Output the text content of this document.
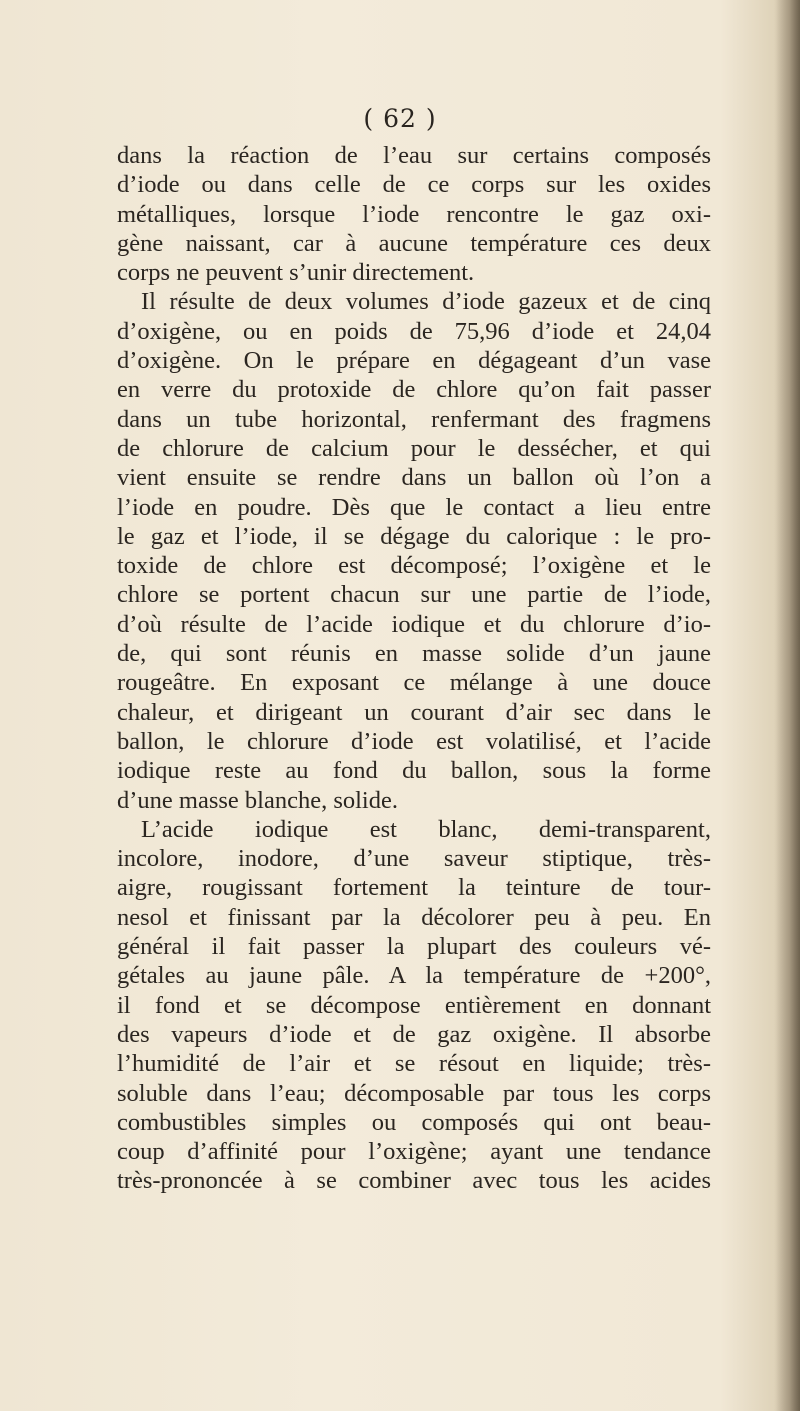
( 62 )
dans la réaction de l’eau sur certains composés
d’iode ou dans celle de ce corps sur les oxides
métalliques, lorsque l’iode rencontre le gaz oxi-
gène naissant, car à aucune température ces deux
corps ne peuvent s’unir directement.
Il résulte de deux volumes d’iode gazeux et de cinq
d’oxigène, ou en poids de 75,96 d’iode et 24,04
d’oxigène. On le prépare en dégageant d’un vase
en verre du protoxide de chlore qu’on fait passer
dans un tube horizontal, renfermant des fragmens
de chlorure de calcium pour le dessécher, et qui
vient ensuite se rendre dans un ballon où l’on a
l’iode en poudre. Dès que le contact a lieu entre
le gaz et l’iode, il se dégage du calorique : le pro-
toxide de chlore est décomposé; l’oxigène et le
chlore se portent chacun sur une partie de l’iode,
d’où résulte de l’acide iodique et du chlorure d’io-
de, qui sont réunis en masse solide d’un jaune
rougeâtre. En exposant ce mélange à une douce
chaleur, et dirigeant un courant d’air sec dans le
ballon, le chlorure d’iode est volatilisé, et l’acide
iodique reste au fond du ballon, sous la forme
d’une masse blanche, solide.
L’acide iodique est blanc, demi-transparent,
incolore, inodore, d’une saveur stiptique, très-
aigre, rougissant fortement la teinture de tour-
nesol et finissant par la décolorer peu à peu. En
général il fait passer la plupart des couleurs vé-
gétales au jaune pâle. A la température de +200°,
il fond et se décompose entièrement en donnant
des vapeurs d’iode et de gaz oxigène. Il absorbe
l’humidité de l’air et se résout en liquide; très-
soluble dans l’eau; décomposable par tous les corps
combustibles simples ou composés qui ont beau-
coup d’affinité pour l’oxigène; ayant une tendance
très-prononcée à se combiner avec tous les acides
